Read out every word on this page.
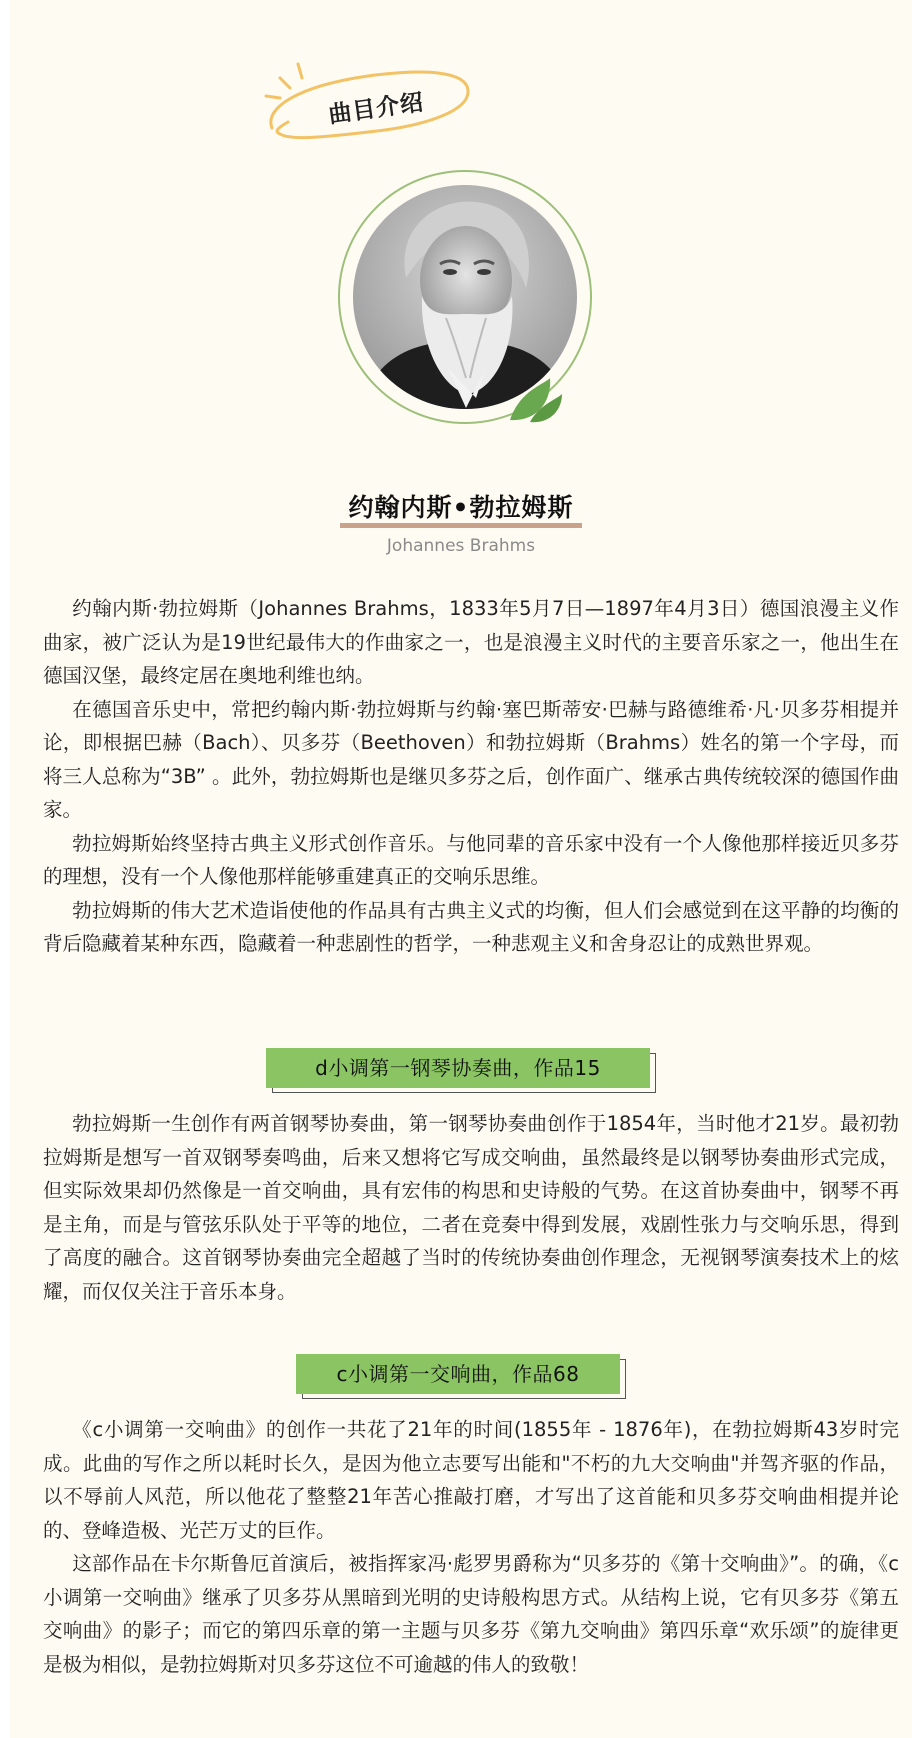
曲目介绍
约翰内斯•勃拉姆斯
Johannes Brahms

约翰内斯·勃拉姆斯（Johannes Brahms，1833年5月7日—1897年4月3日）德国浪漫主义作曲家，被广泛认为是19世纪最伟大的作曲家之一，也是浪漫主义时代的主要音乐家之一，他出生在德国汉堡，最终定居在奥地利维也纳。

在德国音乐史中，常把约翰内斯·勃拉姆斯与约翰·塞巴斯蒂安·巴赫与路德维希·凡·贝多芬相提并论，即根据巴赫（Bach）、贝多芬（Beethoven）和勃拉姆斯（Brahms）姓名的第一个字母，而将三人总称为“3B” 。此外，勃拉姆斯也是继贝多芬之后，创作面广、继承古典传统较深的德国作曲家。

勃拉姆斯始终坚持古典主义形式创作音乐。与他同辈的音乐家中没有一个人像他那样接近贝多芬的理想，没有一个人像他那样能够重建真正的交响乐思维。

勃拉姆斯的伟大艺术造诣使他的作品具有古典主义式的均衡，但人们会感觉到在这平静的均衡的背后隐藏着某种东西，隐藏着一种悲剧性的哲学，一种悲观主义和舍身忍让的成熟世界观。

d小调第一钢琴协奏曲，作品15

勃拉姆斯一生创作有两首钢琴协奏曲，第一钢琴协奏曲创作于1854年，当时他才21岁。最初勃拉姆斯是想写一首双钢琴奏鸣曲，后来又想将它写成交响曲，虽然最终是以钢琴协奏曲形式完成，但实际效果却仍然像是一首交响曲，具有宏伟的构思和史诗般的气势。在这首协奏曲中，钢琴不再是主角，而是与管弦乐队处于平等的地位，二者在竞奏中得到发展，戏剧性张力与交响乐思，得到了高度的融合。这首钢琴协奏曲完全超越了当时的传统协奏曲创作理念，无视钢琴演奏技术上的炫耀，而仅仅关注于音乐本身。

c小调第一交响曲，作品68

《c小调第一交响曲》的创作一共花了21年的时间(1855年 - 1876年)，在勃拉姆斯43岁时完成。此曲的写作之所以耗时长久，是因为他立志要写出能和"不朽的九大交响曲"并驾齐驱的作品，以不辱前人风范，所以他花了整整21年苦心推敲打磨，才写出了这首能和贝多芬交响曲相提并论的、登峰造极、光芒万丈的巨作。

这部作品在卡尔斯鲁厄首演后，被指挥家冯·彪罗男爵称为“贝多芬的《第十交响曲》”。的确，《c小调第一交响曲》继承了贝多芬从黑暗到光明的史诗般构思方式。从结构上说，它有贝多芬《第五交响曲》的影子；而它的第四乐章的第一主题与贝多芬《第九交响曲》第四乐章“欢乐颂”的旋律更是极为相似，是勃拉姆斯对贝多芬这位不可逾越的伟人的致敬！
